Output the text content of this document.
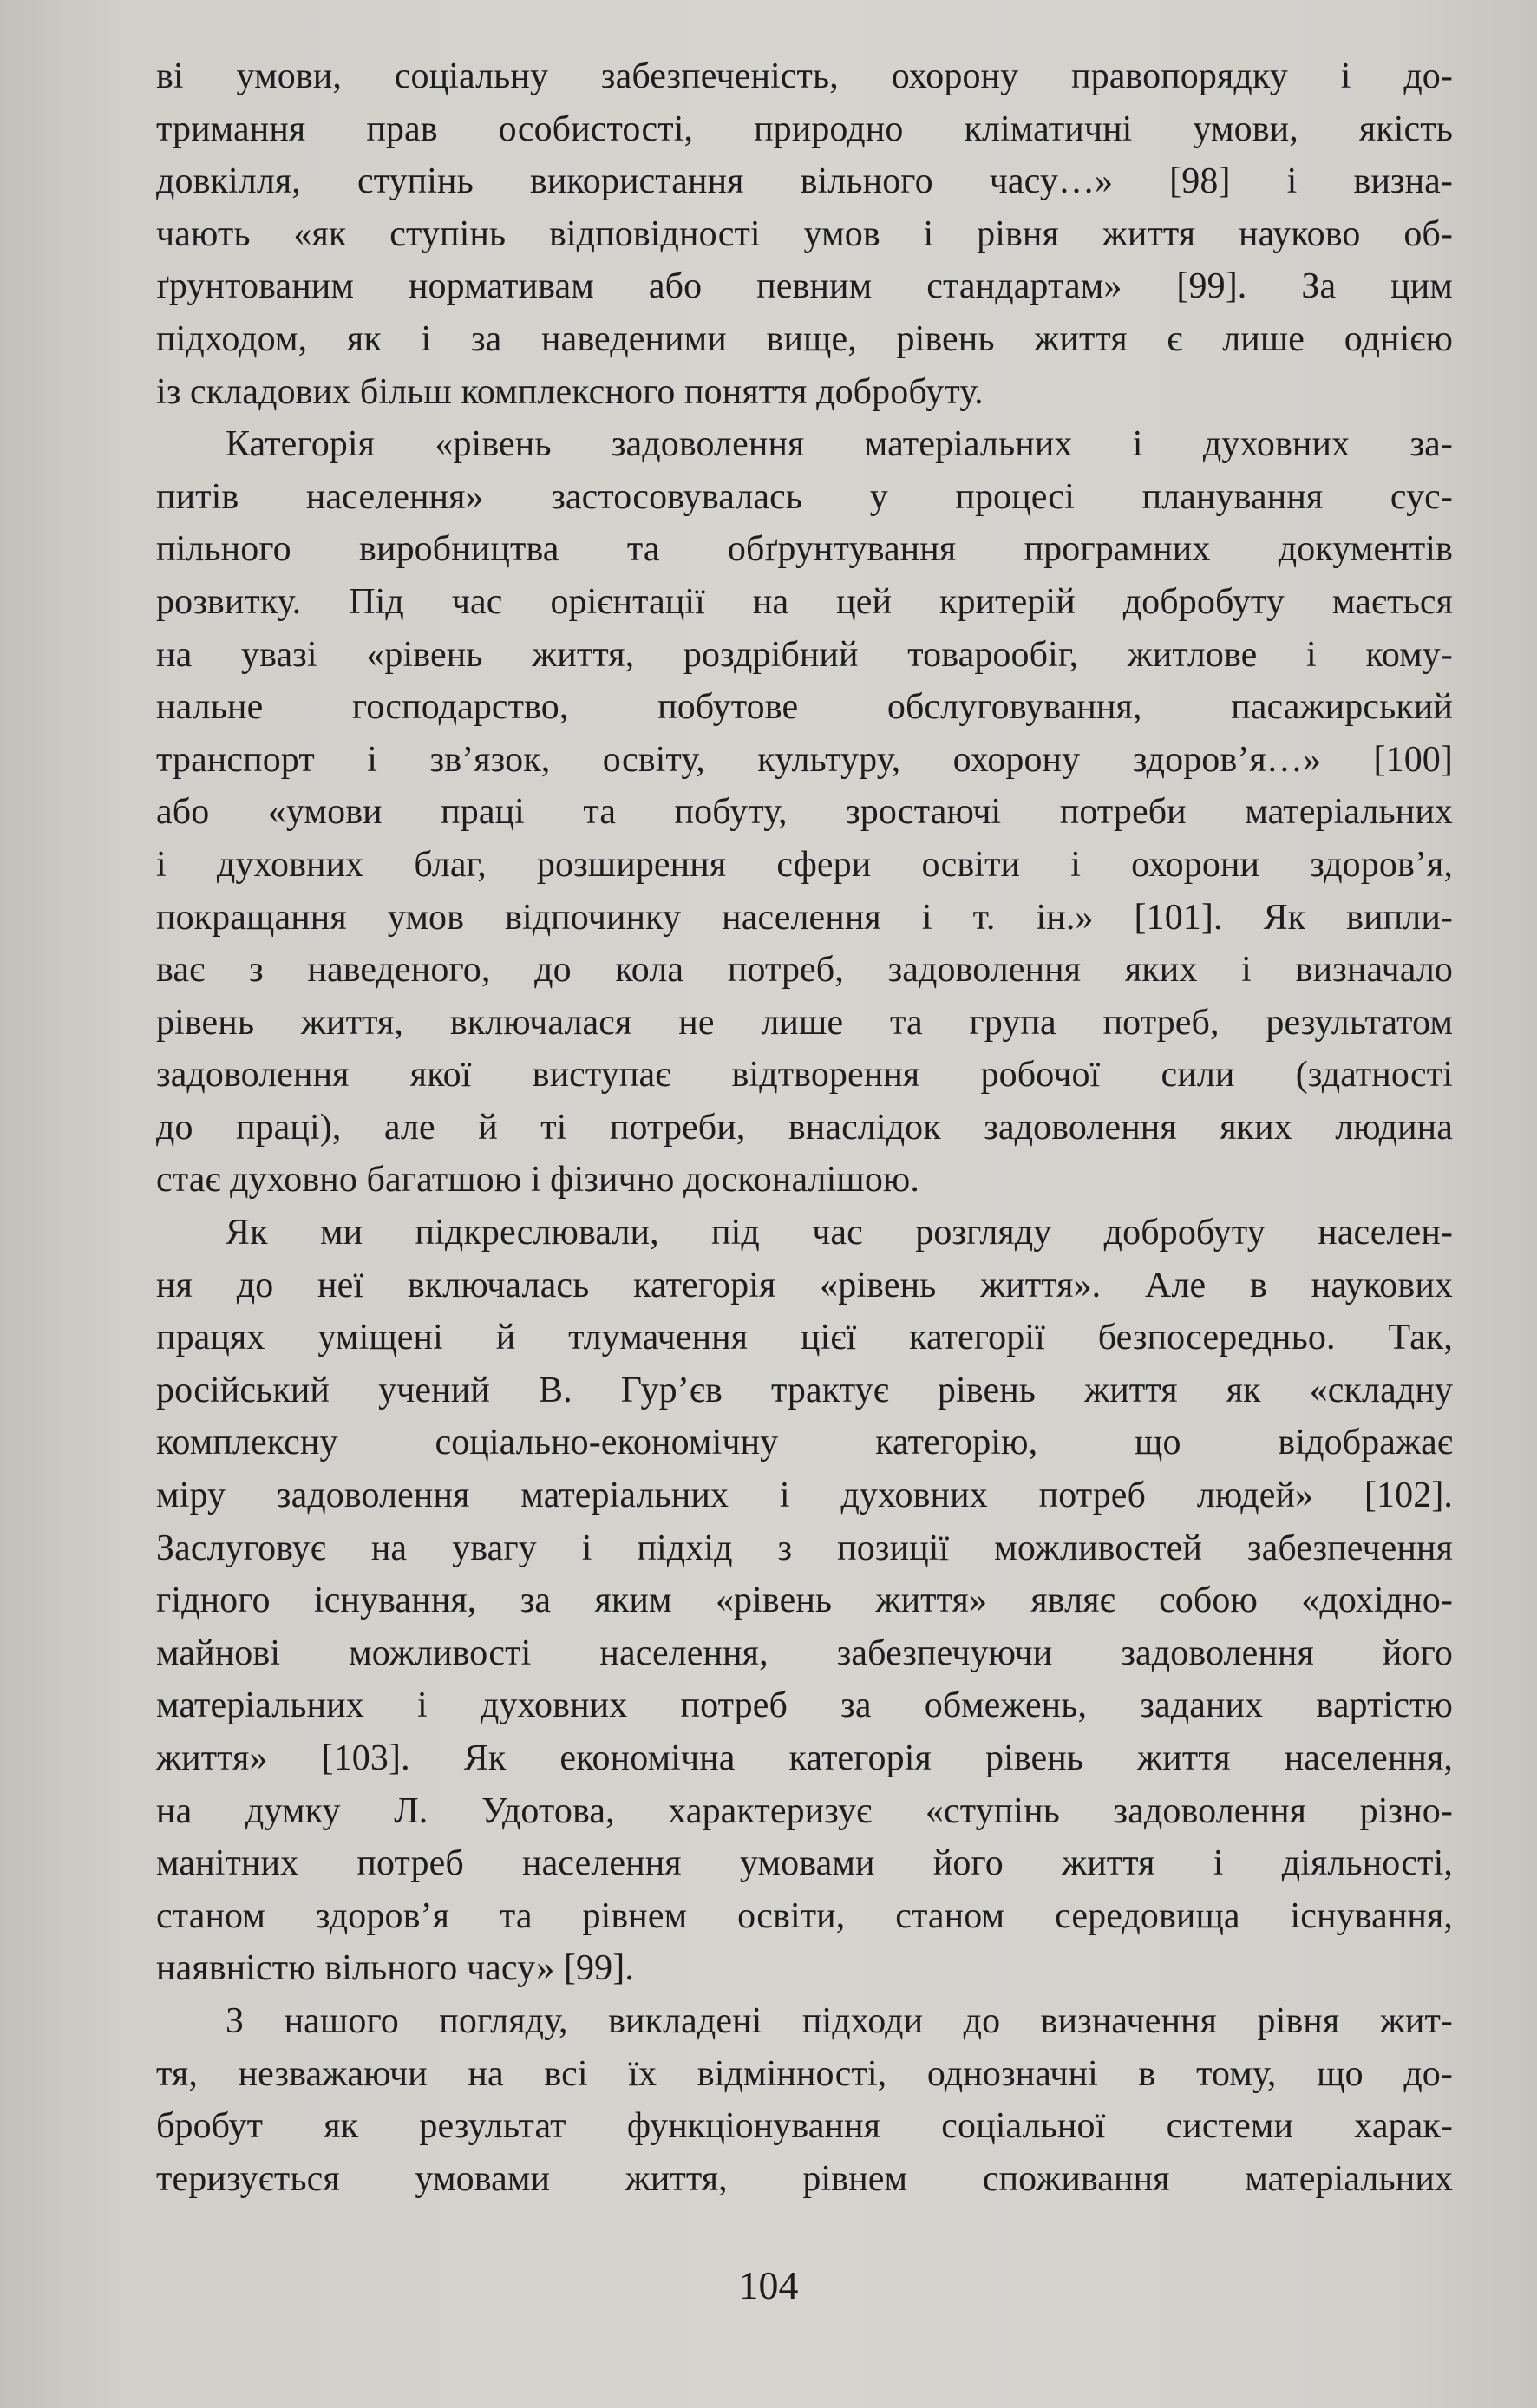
ві умови, соціальну забезпеченість, охорону правопорядку і до-
тримання прав особистості, природно кліматичні умови, якість
довкілля, ступінь використання вільного часу…» [98] і визна-
чають «як ступінь відповідності умов і рівня життя науково об-
ґрунтованим нормативам або певним стандартам» [99]. За цим
підходом, як і за наведеними вище, рівень життя є лише однією
із складових більш комплексного поняття добробуту.
Категорія «рівень задоволення матеріальних і духовних за-
питів населення» застосовувалась у процесі планування сус-
пільного виробництва та обґрунтування програмних документів
розвитку. Під час орієнтації на цей критерій добробуту мається
на увазі «рівень життя, роздрібний товарообіг, житлове і кому-
нальне господарство, побутове обслуговування, пасажирський
транспорт і зв’язок, освіту, культуру, охорону здоров’я…» [100]
або «умови праці та побуту, зростаючі потреби матеріальних
і духовних благ, розширення сфери освіти і охорони здоров’я,
покращання умов відпочинку населення і т. ін.» [101]. Як випли-
ває з наведеного, до кола потреб, задоволення яких і визначало
рівень життя, включалася не лише та група потреб, результатом
задоволення якої виступає відтворення робочої сили (здатності
до праці), але й ті потреби, внаслідок задоволення яких людина
стає духовно багатшою і фізично досконалішою.
Як ми підкреслювали, під час розгляду добробуту населен-
ня до неї включалась категорія «рівень життя». Але в наукових
працях уміщені й тлумачення цієї категорії безпосередньо. Так,
російський учений В. Гур’єв трактує рівень життя як «складну
комплексну соціально-економічну категорію, що відображає
міру задоволення матеріальних і духовних потреб людей» [102].
Заслуговує на увагу і підхід з позиції можливостей забезпечення
гідного існування, за яким «рівень життя» являє собою «дохідно-
майнові можливості населення, забезпечуючи задоволення його
матеріальних і духовних потреб за обмежень, заданих вартістю
життя» [103]. Як економічна категорія рівень життя населення,
на думку Л. Удотова, характеризує «ступінь задоволення різно-
манітних потреб населення умовами його життя і діяльності,
станом здоров’я та рівнем освіти, станом середовища існування,
наявністю вільного часу» [99].
З нашого погляду, викладені підходи до визначення рівня жит-
тя, незважаючи на всі їх відмінності, однозначні в тому, що до-
бробут як результат функціонування соціальної системи харак-
теризується умовами життя, рівнем споживання матеріальних
104
